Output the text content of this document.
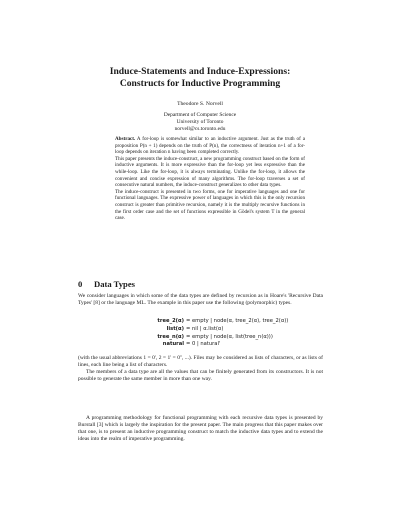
Induce-Statements and Induce-Expressions:
Constructs for Inductive Programming
Theodore S. Norvell
Department of Computer Science
University of Toronto
norvell@cs.toronto.edu

Abstract. A for-loop is somewhat similar to an inductive argument. Just as the truth of a proposition P(n + 1) depends on the truth of P(n), the correctness of iteration n+1 of a for-loop depends on iteration n having been completed correctly.

This paper presents the induce-construct, a new programming construct based on the form of inductive arguments. It is more expressive than the for-loop yet less expressive than the while-loop. Like the for-loop, it is always terminating. Unlike the for-loop, it allows the convenient and concise expression of many algorithms. The for-loop traverses a set of consecutive natural numbers, the induce-construct generalizes to other data types.

The induce-construct is presented in two forms, one for imperative languages and one for functional languages. The expressive power of languages in which this is the only recursion construct is greater than primitive recursion, namely it is the multiply recursive functions in the first order case and the set of functions expressible in Gödel's system T in the general case.

0 Data Types

We consider languages in which some of the data types are defined by recursion as in Hoare's 'Recursive Data Types' [8] or the language ML. The example in this paper use the following (polymorphic) types.

tree_2(α) = empty | node(α, tree_2(α), tree_2(α))
list(α) = nil | α.list(α)
tree_n(α) = empty | node(α, list(tree_n(α)))
natural = 0 | natural'

(with the usual abbreviations 1 = 0', 2 = 1' = 0'', ...). Files may be considered as lists of characters, or as lists of lines, each line being a list of characters.

The members of a data type are all the values that can be finitely generated from its constructors. It is not possible to generate the same member in more than one way.

A programming methodology for functional programming with each recursive data types is presented by Burstall [3] which is largely the inspiration for the present paper. The main progress that this paper makes over that one, is to present an inductive programming construct to match the inductive data types and to extend the ideas into the realm of imperative programming.
